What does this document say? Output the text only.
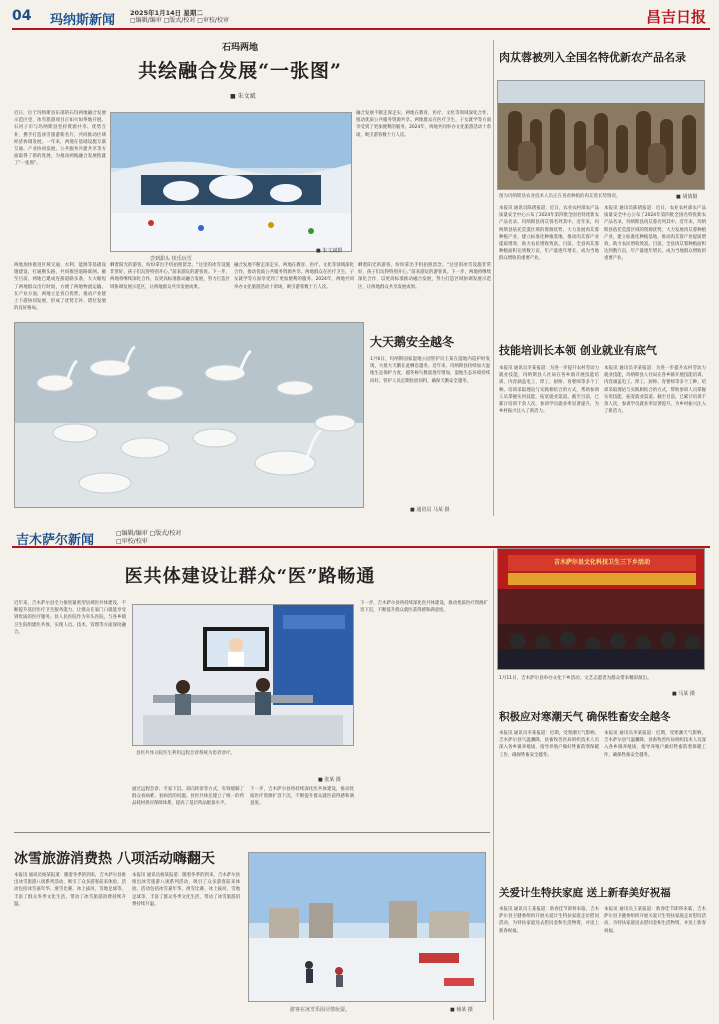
04 玛纳斯新闻 2025年1月14日 星期二
□编辑/编审 □版式/校对 □审校/校审	昌吉日报
石玛两地
共绘融合发展“一张图”
■ 朱文斌
近日，位于玛纳斯县东部的石玛两地融合发展示范区里，冰雪旅游项目正如火如荼地开展。石河子市与玛纳斯县坚持资源共享、优势互补，携手打造冰雪旅游新名片，共同推动区域经济协调发展。一年来，两地在基础设施互联互通、产业协同发展、公共服务共建共享等方面取得了新的进展，为推动两地融合发展绘就了“一张图”。
两地加快推进区域交通、水利、能源等基础设施建设，打通断头路，共同推进道路联网。截至目前，两地已建成连接道路多条，大大缩短了两地群众出行时间，方便了两地物流运输。在产业方面，两地立足各自优势，推动产业链上下游协同发展，形成了优势互补、错位发展的良好格局。
尝到甜头 快乐玩雪
■ 朱文斌摄
融合发展不断走深走实，两地在教育、医疗、文化等领域深化合作，推动优质公共服务资源共享。两地群众在医疗卫生、子女就学等方面享受到了更加便利的服务。2024年，两地共同举办文化旅游活动十余场，吸引游客数十万人次。
晒着阳光的游客，纷纷拿出手机拍照留念。“这里的冰雪设施非常好，孩子们玩得特别开心。”前来游玩的游客说。下一步，两地将继续深化合作，以更高标准推动融合发展，努力打造区域协调发展示范区，让两地群众共享发展成果。
融合发展不断走深走实，两地在教育、医疗、文化等领域深化合作，推动优质公共服务资源共享。两地群众在医疗卫生、子女就学等方面享受到了更加便利的服务。2024年，两地共同举办文化旅游活动十余场，吸引游客数十万人次。
晒着阳光的游客，纷纷拿出手机拍照留念。“这里的冰雪设施非常好，孩子们玩得特别开心。”前来游玩的游客说。下一步，两地将继续深化合作，以更高标准推动融合发展，努力打造区域协调发展示范区，让两地群众共享发展成果。
肉苁蓉被列入全国名特优新农产品名录
图为玛纳斯县农业技术人员正在查看种植的肉苁蓉长势情况。	■ 胡倩摄
本报讯 通讯员陈倩报道：近日，农业农村部农产品质量安全中心公布了2024年第四批全国名特优新农产品名录，玛纳斯县肉苁蓉名列其中。近年来，玛纳斯县依托荒漠区域的资源优势，大力发展肉苁蓉种植产业，建立标准化种植基地，推动肉苁蓉产业提质增效，助力农民增收致富。目前，全县肉苁蓉种植面积达到数万亩，年产量逐年增长，成为当地群众增收的重要产业。
本报讯 通讯员陈倩报道：近日，农业农村部农产品质量安全中心公布了2024年第四批全国名特优新农产品名录，玛纳斯县肉苁蓉名列其中。近年来，玛纳斯县依托荒漠区域的资源优势，大力发展肉苁蓉种植产业，建立标准化种植基地，推动肉苁蓉产业提质增效，助力农民增收致富。目前，全县肉苁蓉种植面积达到数万亩，年产量逐年增长，成为当地群众增收的重要产业。
大天鹅安全越冬
1月6日，玛纳斯国家湿地公园管护员王某在湿地内巡护时发现，大批大天鹅在此栖息越冬。近年来，玛纳斯县持续加大湿地生态保护力度，越冬候鸟数量逐年增加，湿地生态环境持续向好。管护人员定期投放饲料，确保天鹅安全越冬。
■ 通讯员 马某 摄
技能培训长本领 创业就业有底气
本报讯 通讯员李某报道：为进一步提升农村劳动力就业技能，玛纳斯县人社局在各乡镇开展技能培训，内容涵盖电工、焊工、厨师、育婴师等多个工种。培训采取理论与实践相结合的方式，帮助参训人员掌握实用技能，拓宽就业渠道。截至目前，已累计培训千余人次，参训学员就业率显著提升，为乡村振兴注入了新活力。
本报讯 通讯员李某报道：为进一步提升农村劳动力就业技能，玛纳斯县人社局在各乡镇开展技能培训，内容涵盖电工、焊工、厨师、育婴师等多个工种。培训采取理论与实践相结合的方式，帮助参训人员掌握实用技能，拓宽就业渠道。截至目前，已累计培训千余人次，参训学员就业率显著提升，为乡村振兴注入了新活力。
吉木萨尔新闻	□编辑/编审 □版式/校对
□审校/校审
医共体建设让群众“医”路畅通
近年来，吉木萨尔县全力推进紧密型县域医共体建设，不断提升基层医疗卫生服务能力，让群众在家门口就能享受到优质的医疗服务。县人民医院作为牵头医院，与各乡镇卫生院组建医共体，实现人员、技术、管理等方面深度融合。
县医共体分院医生利用远程会诊系统为患者诊疗。
■ 张某 摄
通过远程会诊、专家下沉、双向转诊等方式，有效缓解了群众看病难、看病贵的问题。县医共体还建立了统一的药品耗材供应保障体系，提高了基层药品配备水平。
下一步，吉木萨尔县将持续深化医共体建设，推动优质医疗资源扩容下沉，不断提升群众就医获得感和满意度。
下一步，吉木萨尔县将持续深化医共体建设，推动优质医疗资源扩容下沉，不断提升群众就医获得感和满意度。
冰雪旅游消费热 八项活动嗨翻天
本报讯 通讯员杨某报道：随着冬季的到来，吉木萨尔县推出冰雪旅游八项系列活动，吸引了众多游客前来体验。活动包括冰雪嘉年华、滑雪比赛、冰上拔河、雪地足球等，丰富了群众冬季文化生活，带动了冰雪旅游消费持续升温。
本报讯 通讯员杨某报道：随着冬季的到来，吉木萨尔县推出冰雪旅游八项系列活动，吸引了众多游客前来体验。活动包括冰雪嘉年华、滑雪比赛、冰上拔河、雪地足球等，丰富了群众冬季文化生活，带动了冰雪旅游消费持续升温。
游客在冰雪乐园尽情玩耍。	■ 杨某 摄
吉木萨尔县文化科技卫生三下乡活动
1月11日，吉木萨尔县举办文化下乡活动，文艺志愿者为群众带来精彩演出。
■ 马某 摄
积极应对寒潮天气 确保牲畜安全越冬
本报讯 通讯员李某报道：近期，受寒潮天气影响，吉木萨尔县气温骤降，县畜牧兽医局组织技术人员深入各乡镇养殖场，指导养殖户做好牲畜防寒保暖工作，确保牲畜安全越冬。
本报讯 通讯员李某报道：近期，受寒潮天气影响，吉木萨尔县气温骤降，县畜牧兽医局组织技术人员深入各乡镇养殖场，指导养殖户做好牲畜防寒保暖工作，确保牲畜安全越冬。
关爱计生特扶家庭 送上新春美好祝福
本报讯 通讯员王某报道：新春佳节即将来临，吉木萨尔县卫健委组织开展关爱计生特扶家庭走访慰问活动，为特扶家庭送去慰问金和生活物资，并送上新春祝福。
本报讯 通讯员王某报道：新春佳节即将来临，吉木萨尔县卫健委组织开展关爱计生特扶家庭走访慰问活动，为特扶家庭送去慰问金和生活物资，并送上新春祝福。
